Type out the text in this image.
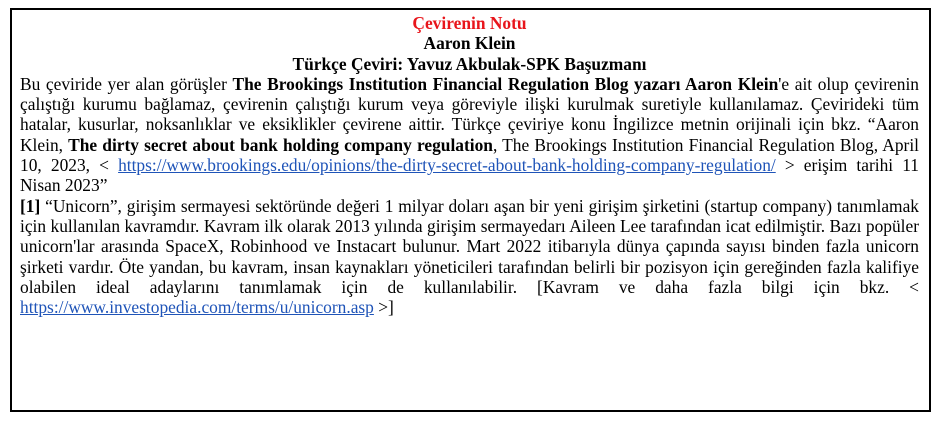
Çevirenin Notu
Aaron Klein
Türkçe Çeviri: Yavuz Akbulak-SPK Başuzmanı

Bu çeviride yer alan görüşler The Brookings Institution Financial Regulation Blog yazarı Aaron Klein'e ait olup çevirenin çalıştığı kurumu bağlamaz, çevirenin çalıştığı kurum veya göreviyle ilişki kurulmak suretiyle kullanılamaz. Çevirideki tüm hatalar, kusurlar, noksanlıklar ve eksiklikler çevirene aittir. Türkçe çeviriye konu İngilizce metnin orijinali için bkz. “Aaron Klein, The dirty secret about bank holding company regulation, The Brookings Institution Financial Regulation Blog, April 10, 2023, < https://www.brookings.edu/opinions/the-dirty-secret-about-bank-holding-company-regulation/ > erişim tarihi 11 Nisan 2023”

[1] “Unicorn”, girişim sermayesi sektöründe değeri 1 milyar doları aşan bir yeni girişim şirketini (startup company) tanımlamak için kullanılan kavramdır. Kavram ilk olarak 2013 yılında girişim sermayedarı Aileen Lee tarafından icat edilmiştir. Bazı popüler unicorn'lar arasında SpaceX, Robinhood ve Instacart bulunur. Mart 2022 itibarıyla dünya çapında sayısı binden fazla unicorn şirketi vardır. Öte yandan, bu kavram, insan kaynakları yöneticileri tarafından belirli bir pozisyon için gereğinden fazla kalifiye olabilen ideal adaylarını tanımlamak için de kullanılabilir. [Kavram ve daha fazla bilgi için bkz. < https://www.investopedia.com/terms/u/unicorn.asp >]
